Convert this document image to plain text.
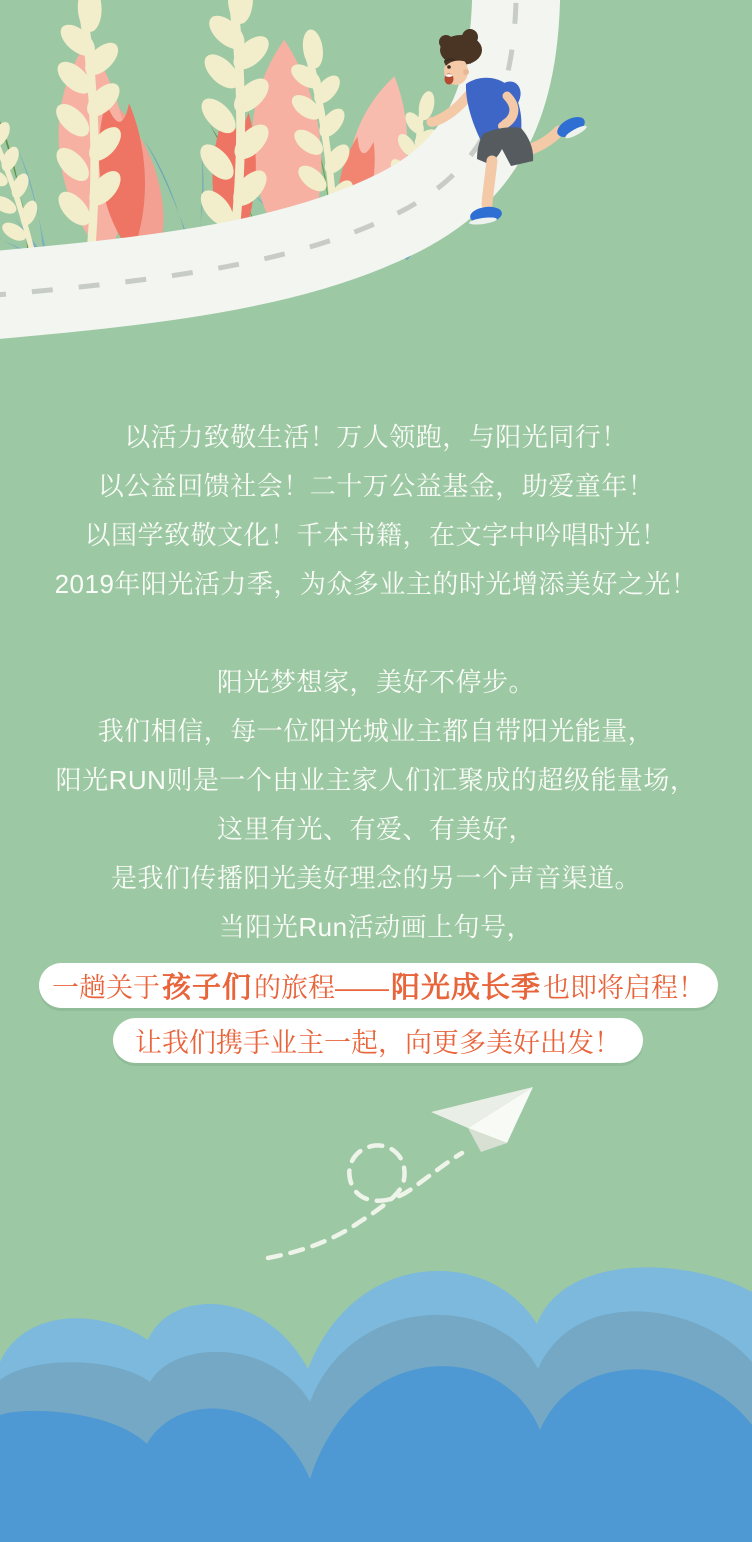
以活力致敬生活！万人领跑，与阳光同行！
以公益回馈社会！二十万公益基金，助爱童年！
以国学致敬文化！千本书籍，在文字中吟唱时光！
2019年阳光活力季，为众多业主的时光增添美好之光！
阳光梦想家，美好不停步。
我们相信，每一位阳光城业主都自带阳光能量，
阳光RUN则是一个由业主家人们汇聚成的超级能量场，
这里有光、有爱、有美好，
是我们传播阳光美好理念的另一个声音渠道。
当阳光Run活动画上句号，
一趟关于 孩子们 的旅程—— 阳光成长季 也即将启程！
让我们携手业主一起，向更多美好出发！
